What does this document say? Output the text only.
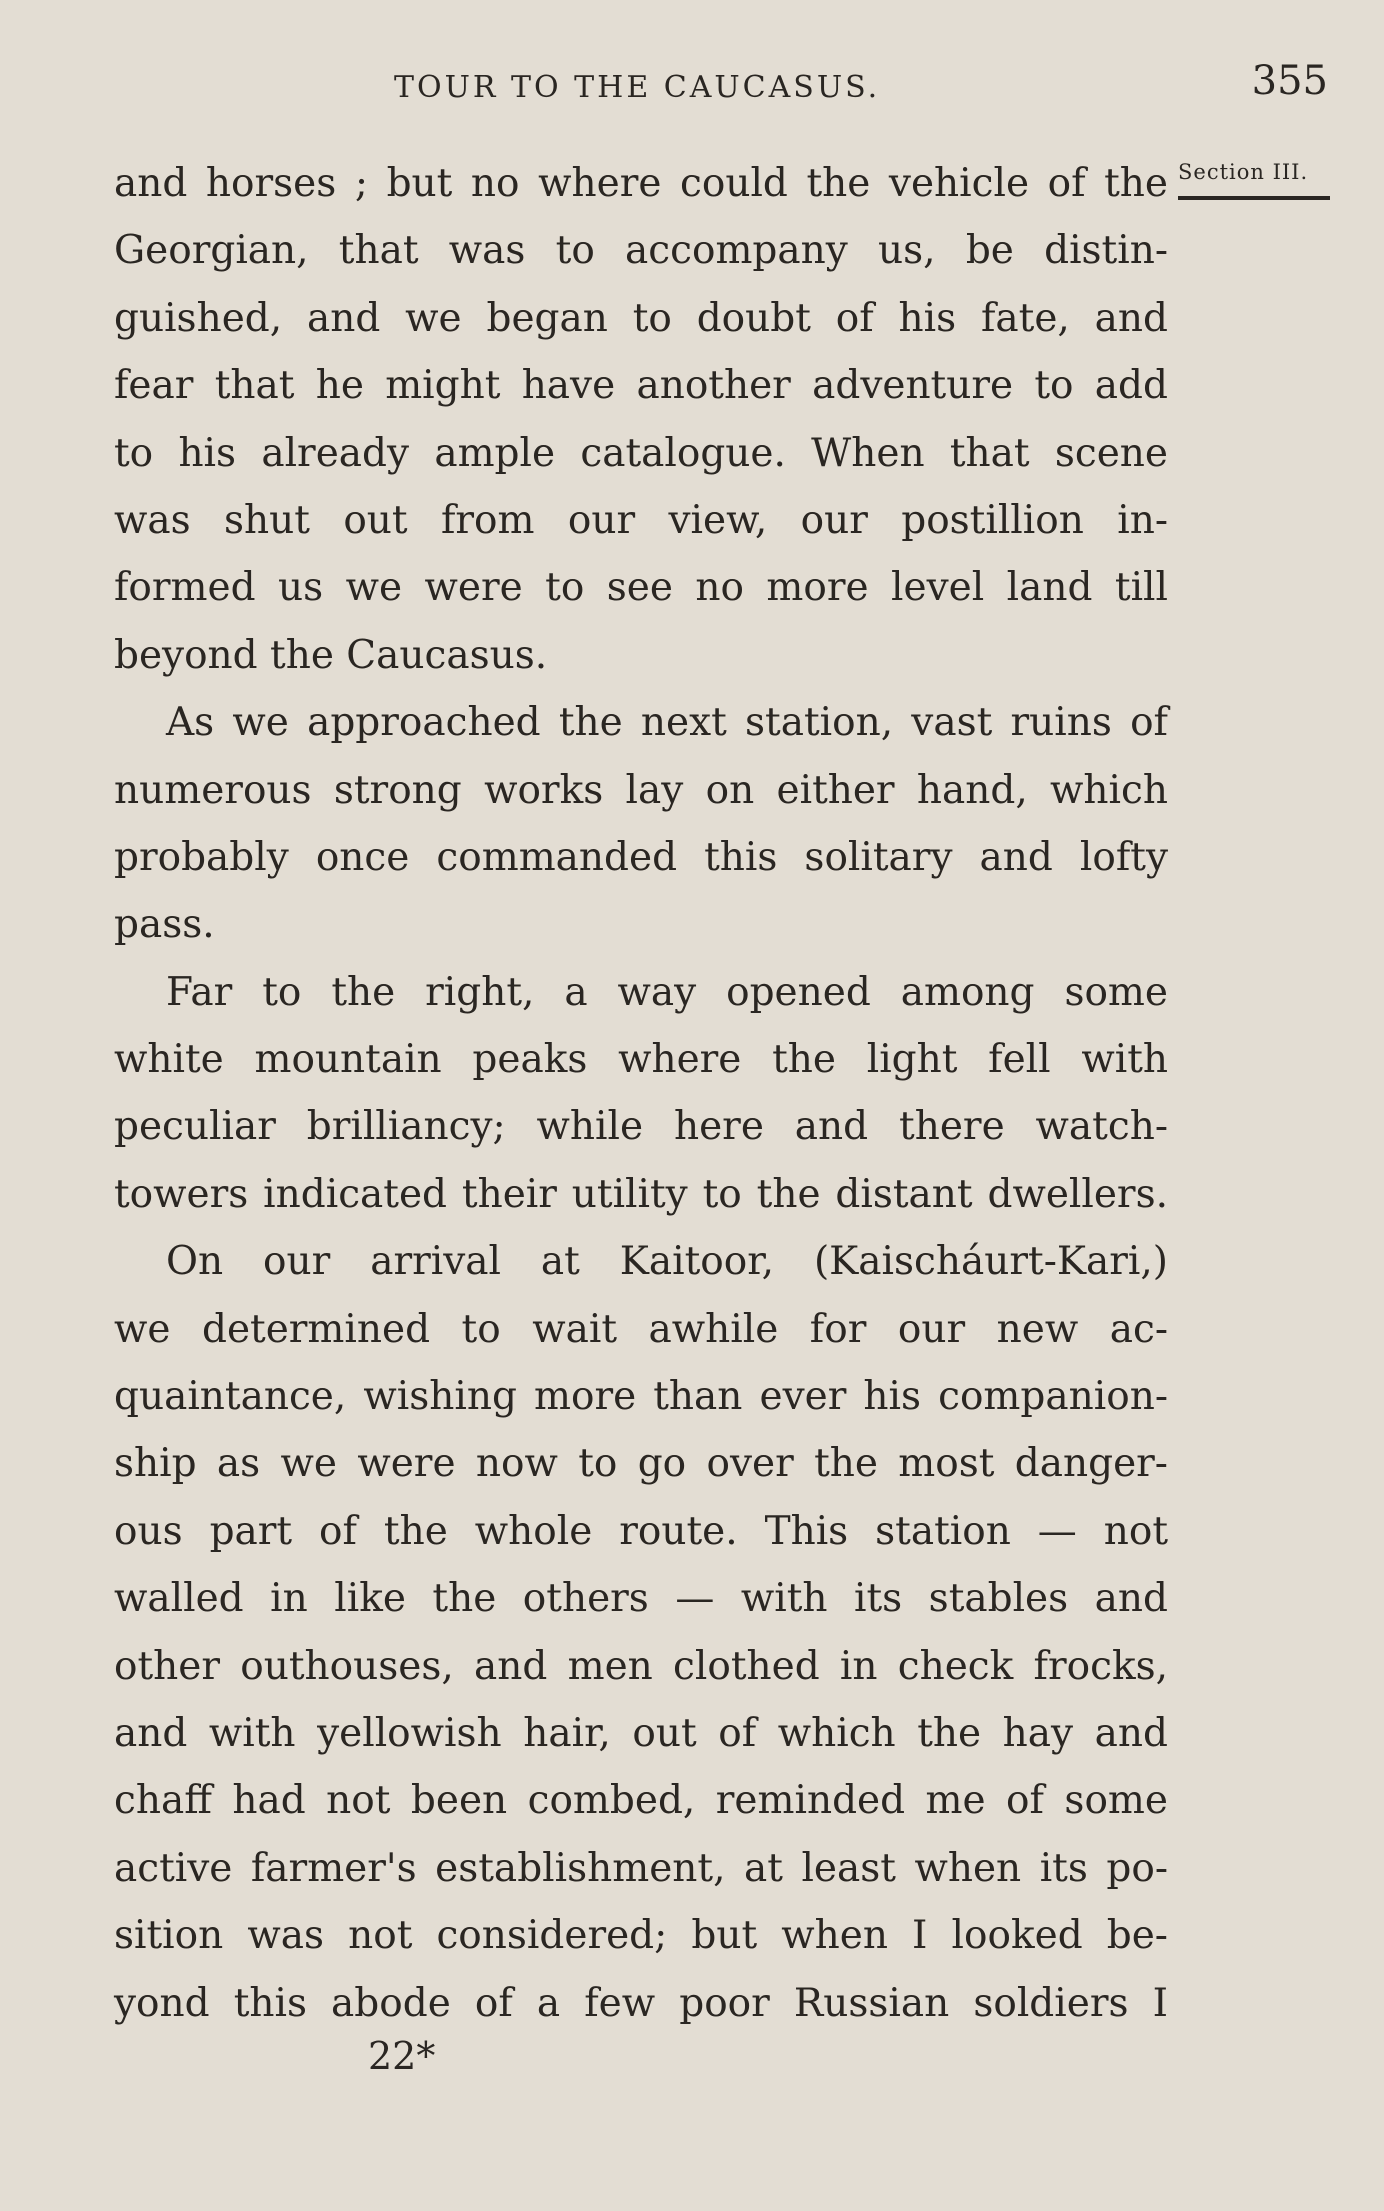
TOUR TO THE CAUCASUS.	355
Section III.
and horses ; but no where could the vehicle of the
Georgian, that was to accompany us, be distin-
guished, and we began to doubt of his fate, and
fear that he might have another adventure to add
to his already ample catalogue. When that scene
was shut out from our view, our postillion in-
formed us we were to see no more level land till
beyond the Caucasus.
As we approached the next station, vast ruins of
numerous strong works lay on either hand, which
probably once commanded this solitary and lofty
pass.
Far to the right, a way opened among some
white mountain peaks where the light fell with
peculiar brilliancy; while here and there watch-
towers indicated their utility to the distant dwellers.
On our arrival at Kaitoor, (Kaischáurt-Kari,)
we determined to wait awhile for our new ac-
quaintance, wishing more than ever his companion-
ship as we were now to go over the most danger-
ous part of the whole route. This station — not
walled in like the others — with its stables and
other outhouses, and men clothed in check frocks,
and with yellowish hair, out of which the hay and
chaff had not been combed, reminded me of some
active farmer's establishment, at least when its po-
sition was not considered; but when I looked be-
yond this abode of a few poor Russian soldiers I
22*
